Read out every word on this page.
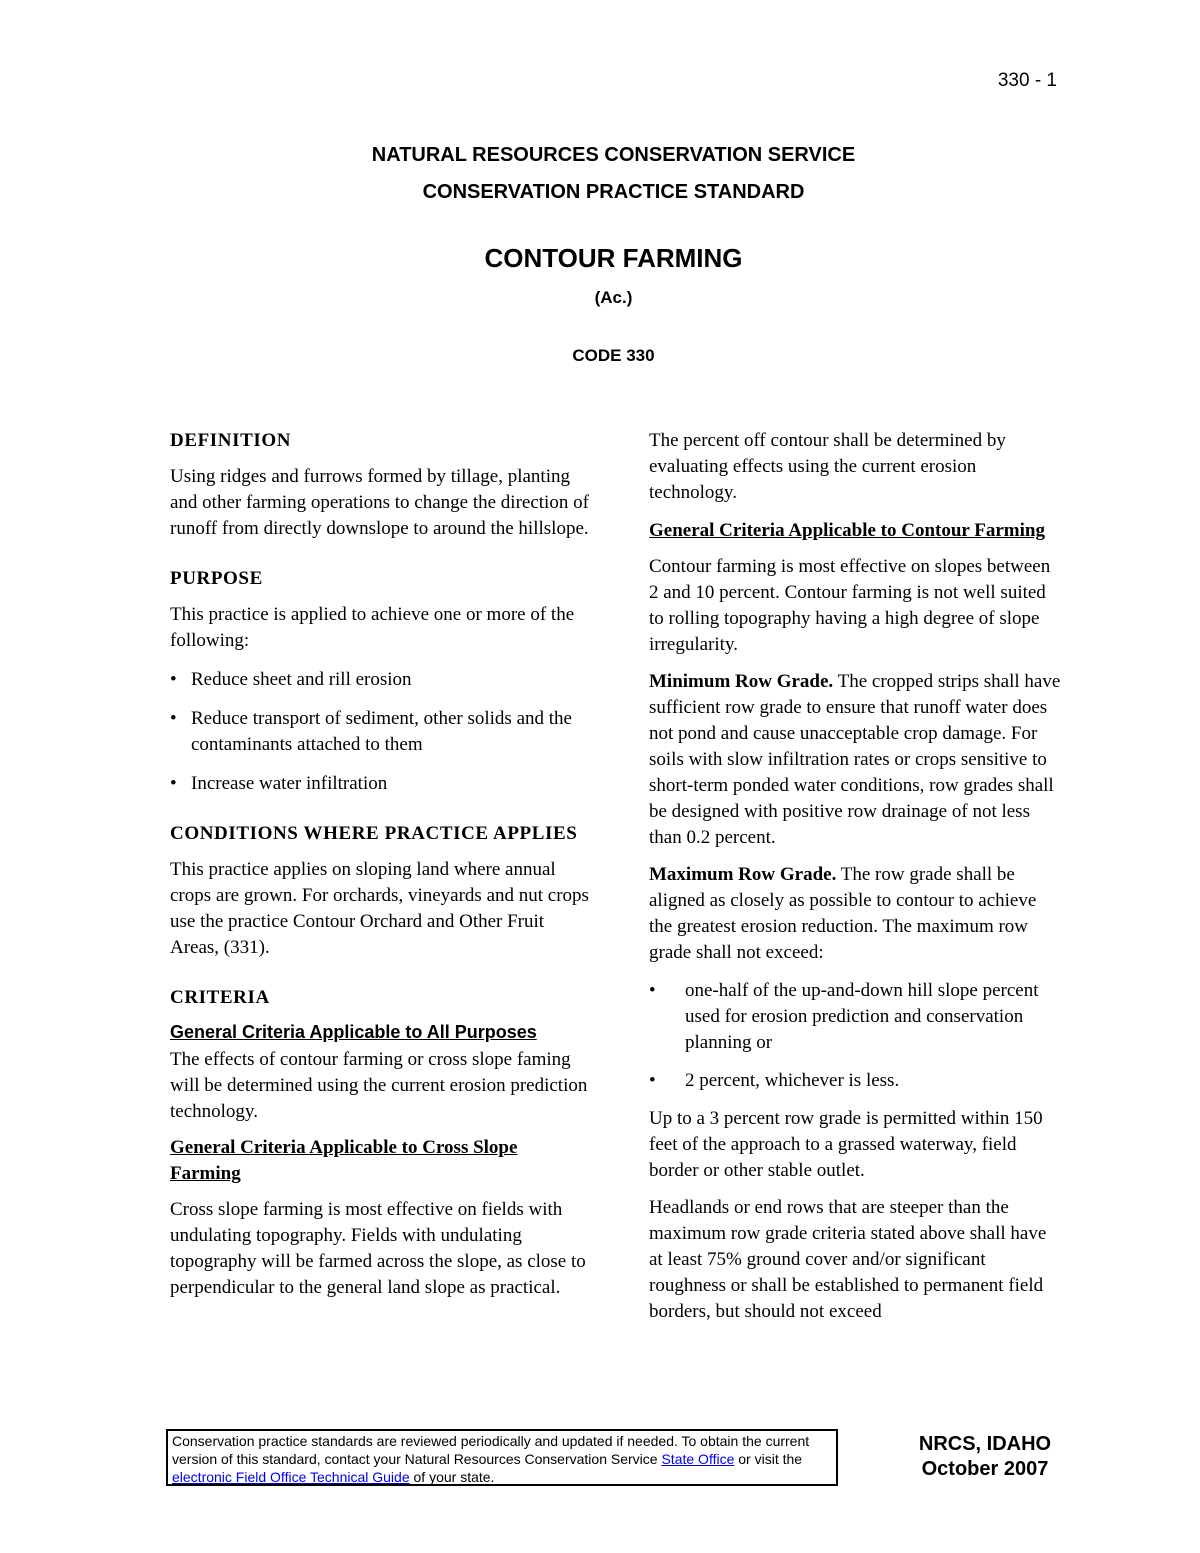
330 - 1
NATURAL RESOURCES CONSERVATION SERVICE
CONSERVATION PRACTICE STANDARD
CONTOUR FARMING
(Ac.)
CODE 330

DEFINITION

Using ridges and furrows formed by tillage, planting and other farming operations to change the direction of runoff from directly downslope to around the hillslope.

PURPOSE

This practice is applied to achieve one or more of the following:

• Reduce sheet and rill erosion
• Reduce transport of sediment, other solids and the contaminants attached to them
• Increase water infiltration

CONDITIONS WHERE PRACTICE APPLIES

This practice applies on sloping land where annual crops are grown. For orchards, vineyards and nut crops use the practice Contour Orchard and Other Fruit Areas, (331).

CRITERIA

General Criteria Applicable to All Purposes

The effects of contour farming or cross slope faming will be determined using the current erosion prediction technology.

General Criteria Applicable to Cross Slope Farming

Cross slope farming is most effective on fields with undulating topography. Fields with undulating topography will be farmed across the slope, as close to perpendicular to the general land slope as practical.

The percent off contour shall be determined by evaluating effects using the current erosion technology.

General Criteria Applicable to Contour Farming

Contour farming is most effective on slopes between 2 and 10 percent. Contour farming is not well suited to rolling topography having a high degree of slope irregularity.

Minimum Row Grade. The cropped strips shall have sufficient row grade to ensure that runoff water does not pond and cause unacceptable crop damage. For soils with slow infiltration rates or crops sensitive to short-term ponded water conditions, row grades shall be designed with positive row drainage of not less than 0.2 percent.

Maximum Row Grade. The row grade shall be aligned as closely as possible to contour to achieve the greatest erosion reduction. The maximum row grade shall not exceed:

• one-half of the up-and-down hill slope percent used for erosion prediction and conservation planning or
• 2 percent, whichever is less.

Up to a 3 percent row grade is permitted within 150 feet of the approach to a grassed waterway, field border or other stable outlet.

Headlands or end rows that are steeper than the maximum row grade criteria stated above shall have at least 75% ground cover and/or significant roughness or shall be established to permanent field borders, but should not exceed

Conservation practice standards are reviewed periodically and updated if needed. To obtain the current version of this standard, contact your Natural Resources Conservation Service State Office or visit the electronic Field Office Technical Guide of your state.
NRCS, IDAHO
October 2007
